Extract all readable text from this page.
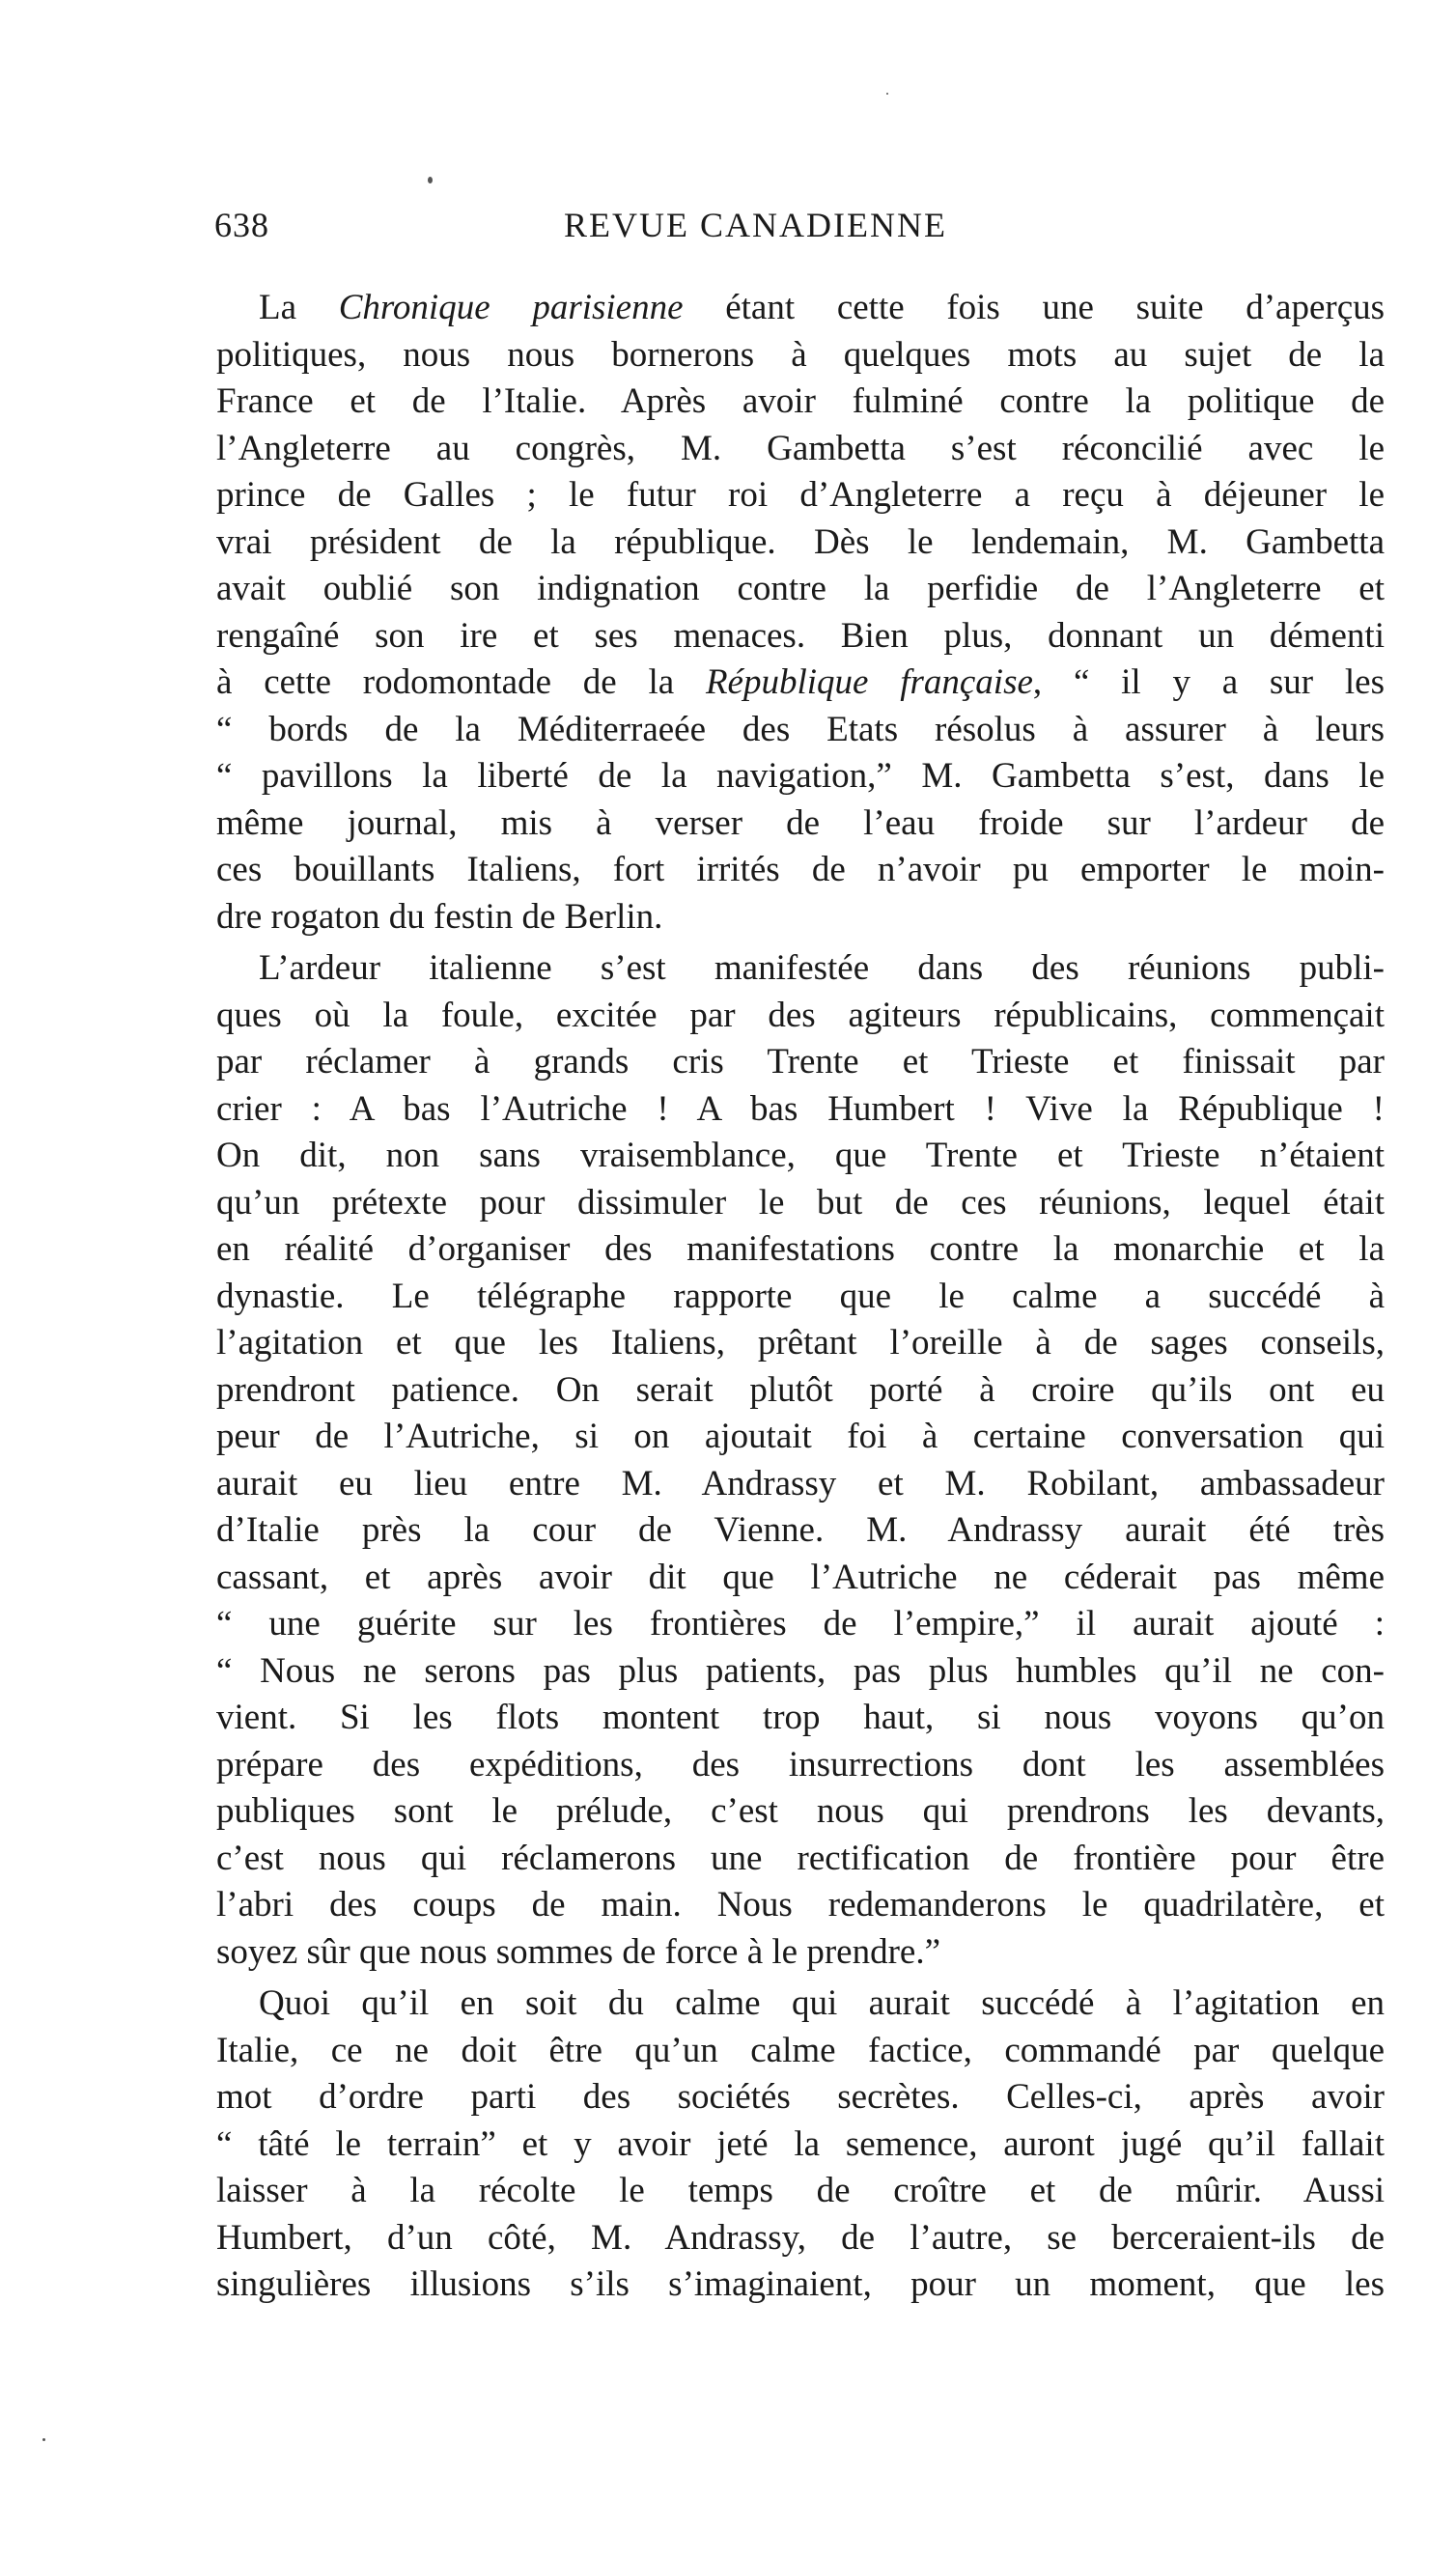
638	REVUE CANADIENNE
La Chronique parisienne étant cette fois une suite d’aperçus
politiques, nous nous bornerons à quelques mots au sujet de la
France et de l’Italie. Après avoir fulminé contre la politique de
l’Angleterre au congrès, M. Gambetta s’est réconcilié avec le
prince de Galles ; le futur roi d’Angleterre a reçu à déjeuner le
vrai président de la république. Dès le lendemain, M. Gambetta
avait oublié son indignation contre la perfidie de l’Angleterre et
rengaîné son ire et ses menaces. Bien plus, donnant un démenti
à cette rodomontade de la République française, “ il y a sur les
“ bords de la Méditerraeée des Etats résolus à assurer à leurs
“ pavillons la liberté de la navigation,” M. Gambetta s’est, dans le
même journal, mis à verser de l’eau froide sur l’ardeur de
ces bouillants Italiens, fort irrités de n’avoir pu emporter le moin-
dre rogaton du festin de Berlin.
L’ardeur italienne s’est manifestée dans des réunions publi-
ques où la foule, excitée par des agiteurs républicains, commençait
par réclamer à grands cris Trente et Trieste et finissait par
crier : A bas l’Autriche ! A bas Humbert ! Vive la République !
On dit, non sans vraisemblance, que Trente et Trieste n’étaient
qu’un prétexte pour dissimuler le but de ces réunions, lequel était
en réalité d’organiser des manifestations contre la monarchie et la
dynastie. Le télégraphe rapporte que le calme a succédé à
l’agitation et que les Italiens, prêtant l’oreille à de sages conseils,
prendront patience. On serait plutôt porté à croire qu’ils ont eu
peur de l’Autriche, si on ajoutait foi à certaine conversation qui
aurait eu lieu entre M. Andrassy et M. Robilant, ambassadeur
d’Italie près la cour de Vienne. M. Andrassy aurait été très
cassant, et après avoir dit que l’Autriche ne céderait pas même
“ une guérite sur les frontières de l’empire,” il aurait ajouté :
“ Nous ne serons pas plus patients, pas plus humbles qu’il ne con-
vient. Si les flots montent trop haut, si nous voyons qu’on
prépare des expéditions, des insurrections dont les assemblées
publiques sont le prélude, c’est nous qui prendrons les devants,
c’est nous qui réclamerons une rectification de frontière pour être
l’abri des coups de main. Nous redemanderons le quadrilatère, et
soyez sûr que nous sommes de force à le prendre.”
Quoi qu’il en soit du calme qui aurait succédé à l’agitation en
Italie, ce ne doit être qu’un calme factice, commandé par quelque
mot d’ordre parti des sociétés secrètes. Celles-ci, après avoir
“ tâté le terrain” et y avoir jeté la semence, auront jugé qu’il fallait
laisser à la récolte le temps de croître et de mûrir. Aussi
Humbert, d’un côté, M. Andrassy, de l’autre, se berceraient-ils de
singulières illusions s’ils s’imaginaient, pour un moment, que les
